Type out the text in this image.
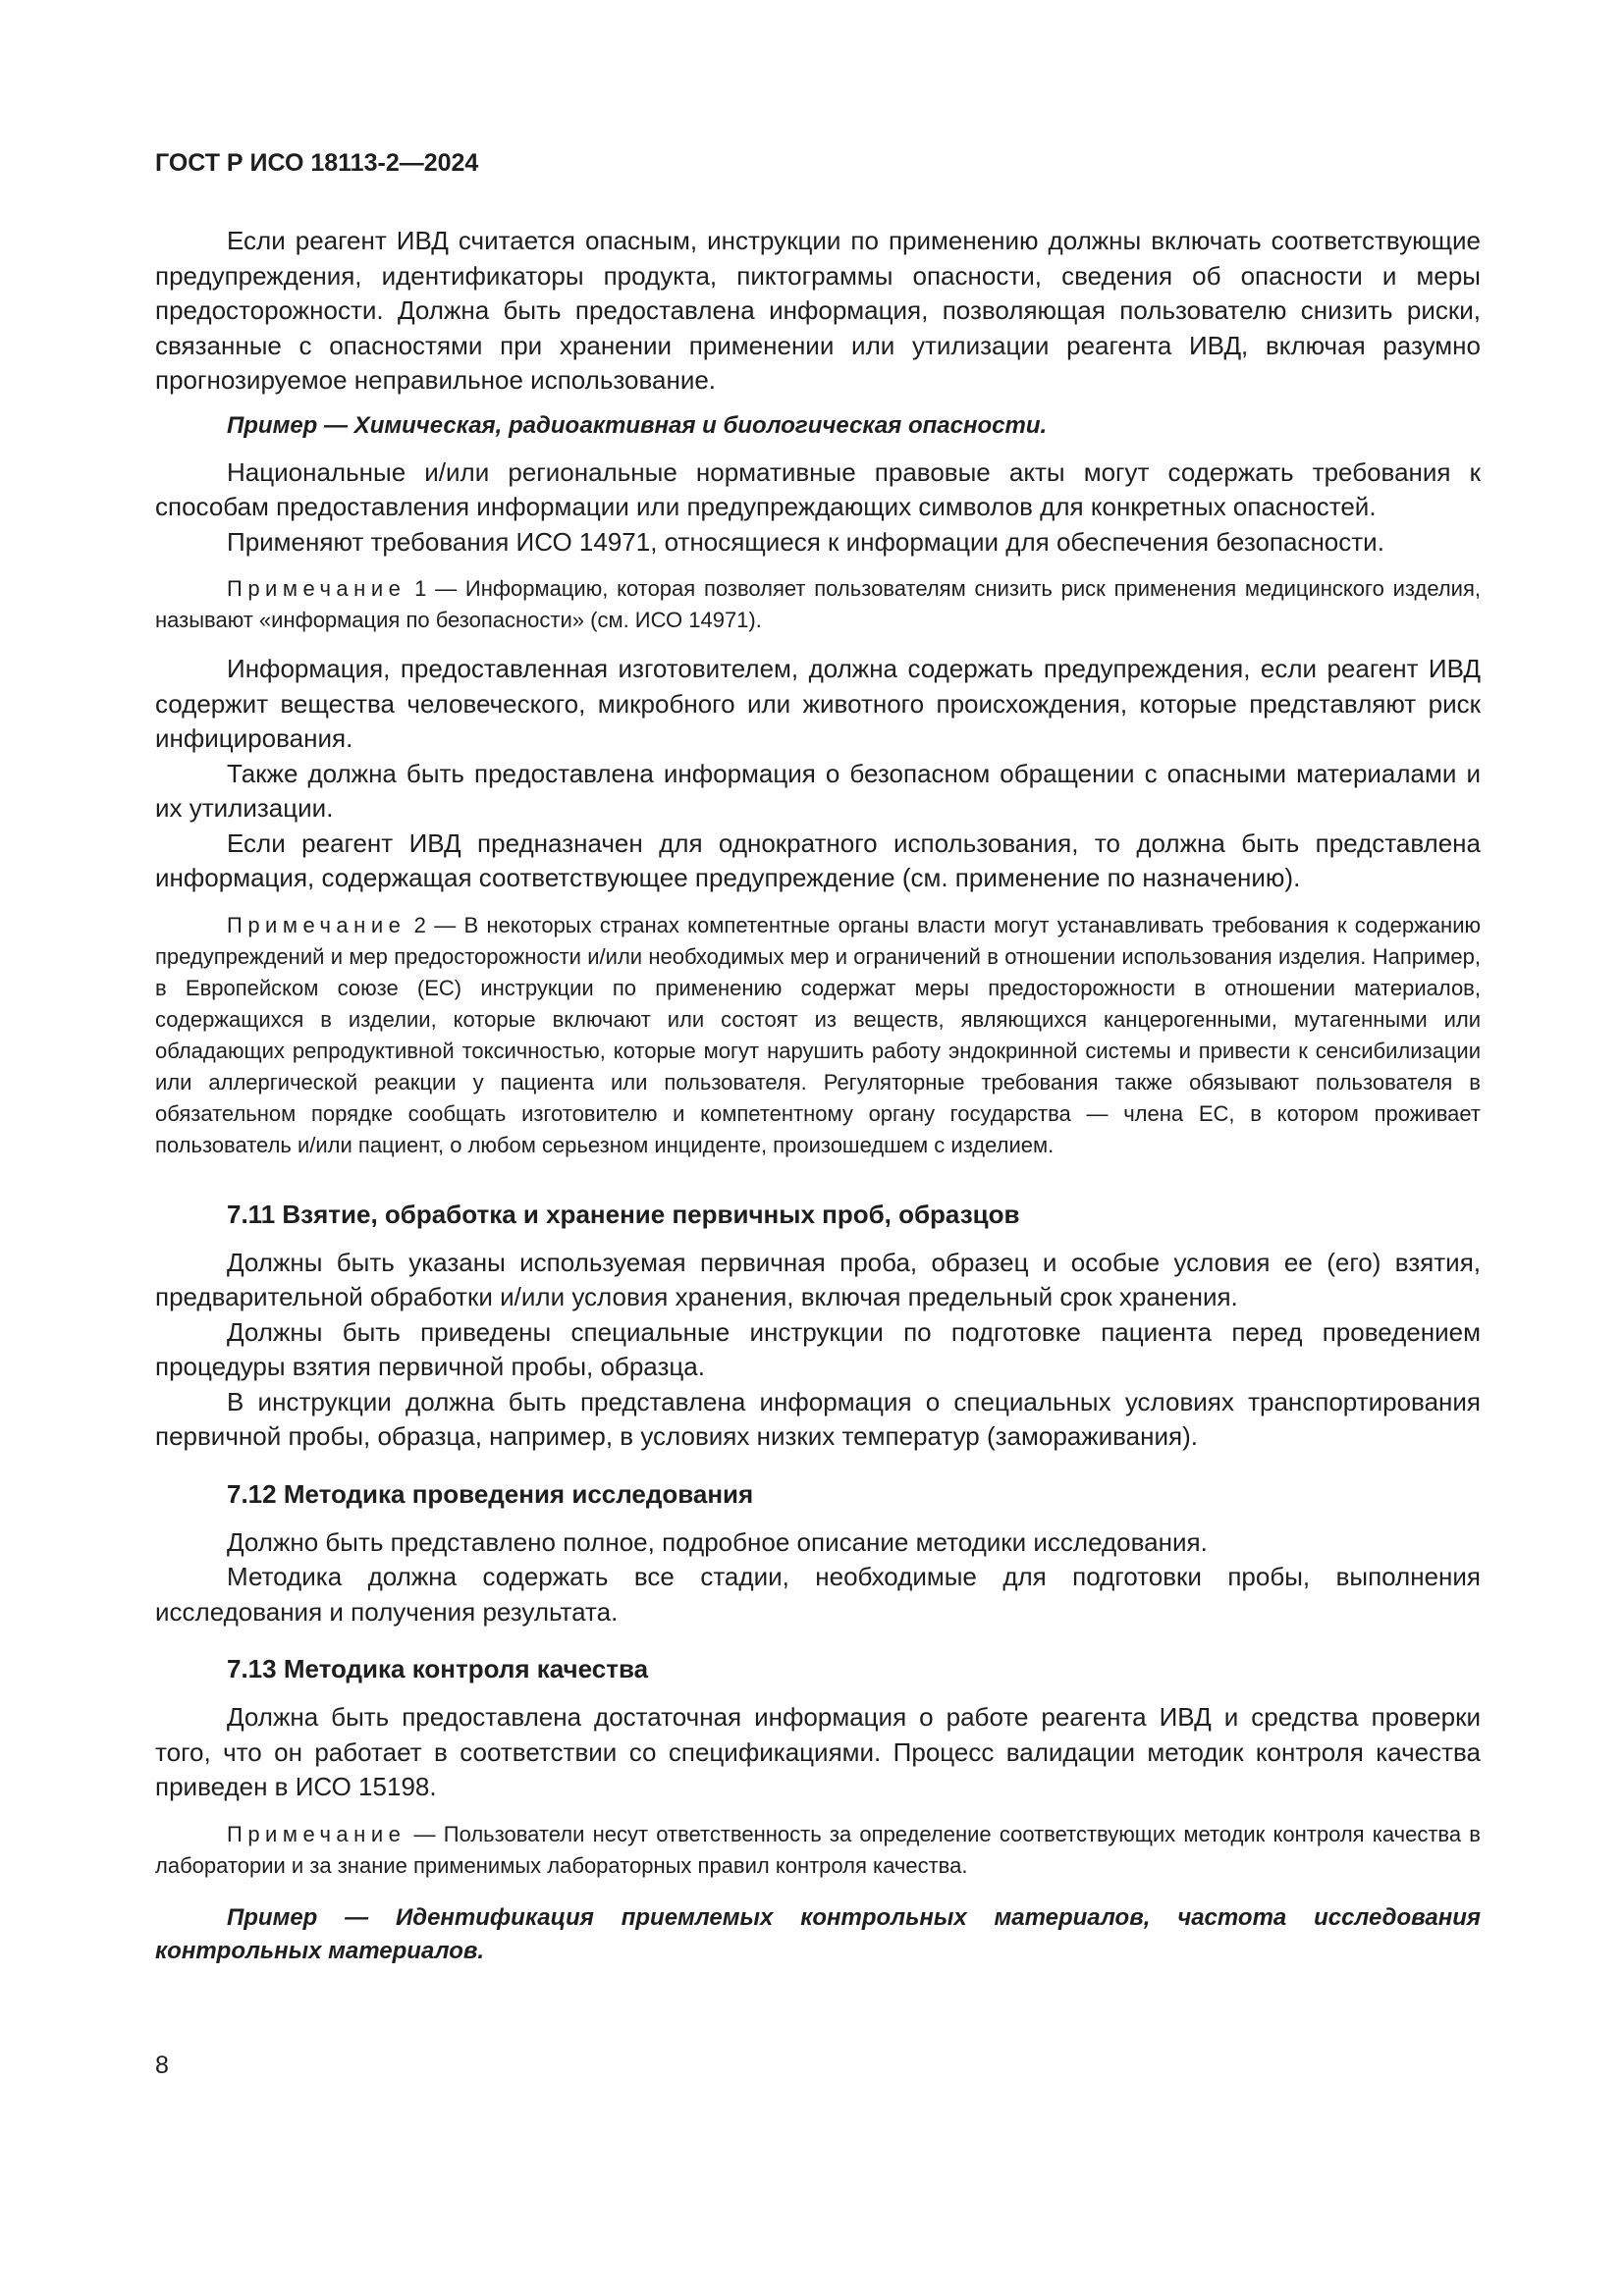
ГОСТ Р ИСО 18113-2—2024

Если реагент ИВД считается опасным, инструкции по применению должны включать соответствующие предупреждения, идентификаторы продукта, пиктограммы опасности, сведения об опасности и меры предосторожности. Должна быть предоставлена информация, позволяющая пользователю снизить риски, связанные с опасностями при хранении применении или утилизации реагента ИВД, включая разумно прогнозируемое неправильное использование.

Пример — Химическая, радиоактивная и биологическая опасности.

Национальные и/или региональные нормативные правовые акты могут содержать требования к способам предоставления информации или предупреждающих символов для конкретных опасностей.

Применяют требования ИСО 14971, относящиеся к информации для обеспечения безопасности.

Примечание 1 — Информацию, которая позволяет пользователям снизить риск применения медицинского изделия, называют «информация по безопасности» (см. ИСО 14971).

Информация, предоставленная изготовителем, должна содержать предупреждения, если реагент ИВД содержит вещества человеческого, микробного или животного происхождения, которые представляют риск инфицирования.

Также должна быть предоставлена информация о безопасном обращении с опасными материалами и их утилизации.

Если реагент ИВД предназначен для однократного использования, то должна быть представлена информация, содержащая соответствующее предупреждение (см. применение по назначению).

Примечание 2 — В некоторых странах компетентные органы власти могут устанавливать требования к содержанию предупреждений и мер предосторожности и/или необходимых мер и ограничений в отношении использования изделия. Например, в Европейском союзе (ЕС) инструкции по применению содержат меры предосторожности в отношении материалов, содержащихся в изделии, которые включают или состоят из веществ, являющихся канцерогенными, мутагенными или обладающих репродуктивной токсичностью, которые могут нарушить работу эндокринной системы и привести к сенсибилизации или аллергической реакции у пациента или пользователя. Регуляторные требования также обязывают пользователя в обязательном порядке сообщать изготовителю и компетентному органу государства — члена ЕС, в котором проживает пользователь и/или пациент, о любом серьезном инциденте, произошедшем с изделием.

7.11 Взятие, обработка и хранение первичных проб, образцов

Должны быть указаны используемая первичная проба, образец и особые условия ее (его) взятия, предварительной обработки и/или условия хранения, включая предельный срок хранения.

Должны быть приведены специальные инструкции по подготовке пациента перед проведением процедуры взятия первичной пробы, образца.

В инструкции должна быть представлена информация о специальных условиях транспортирования первичной пробы, образца, например, в условиях низких температур (замораживания).

7.12 Методика проведения исследования

Должно быть представлено полное, подробное описание методики исследования.

Методика должна содержать все стадии, необходимые для подготовки пробы, выполнения исследования и получения результата.

7.13 Методика контроля качества

Должна быть предоставлена достаточная информация о работе реагента ИВД и средства проверки того, что он работает в соответствии со спецификациями. Процесс валидации методик контроля качества приведен в ИСО 15198.

Примечание — Пользователи несут ответственность за определение соответствующих методик контроля качества в лаборатории и за знание применимых лабораторных правил контроля качества.

Пример — Идентификация приемлемых контрольных материалов, частота исследования контрольных материалов.

8
